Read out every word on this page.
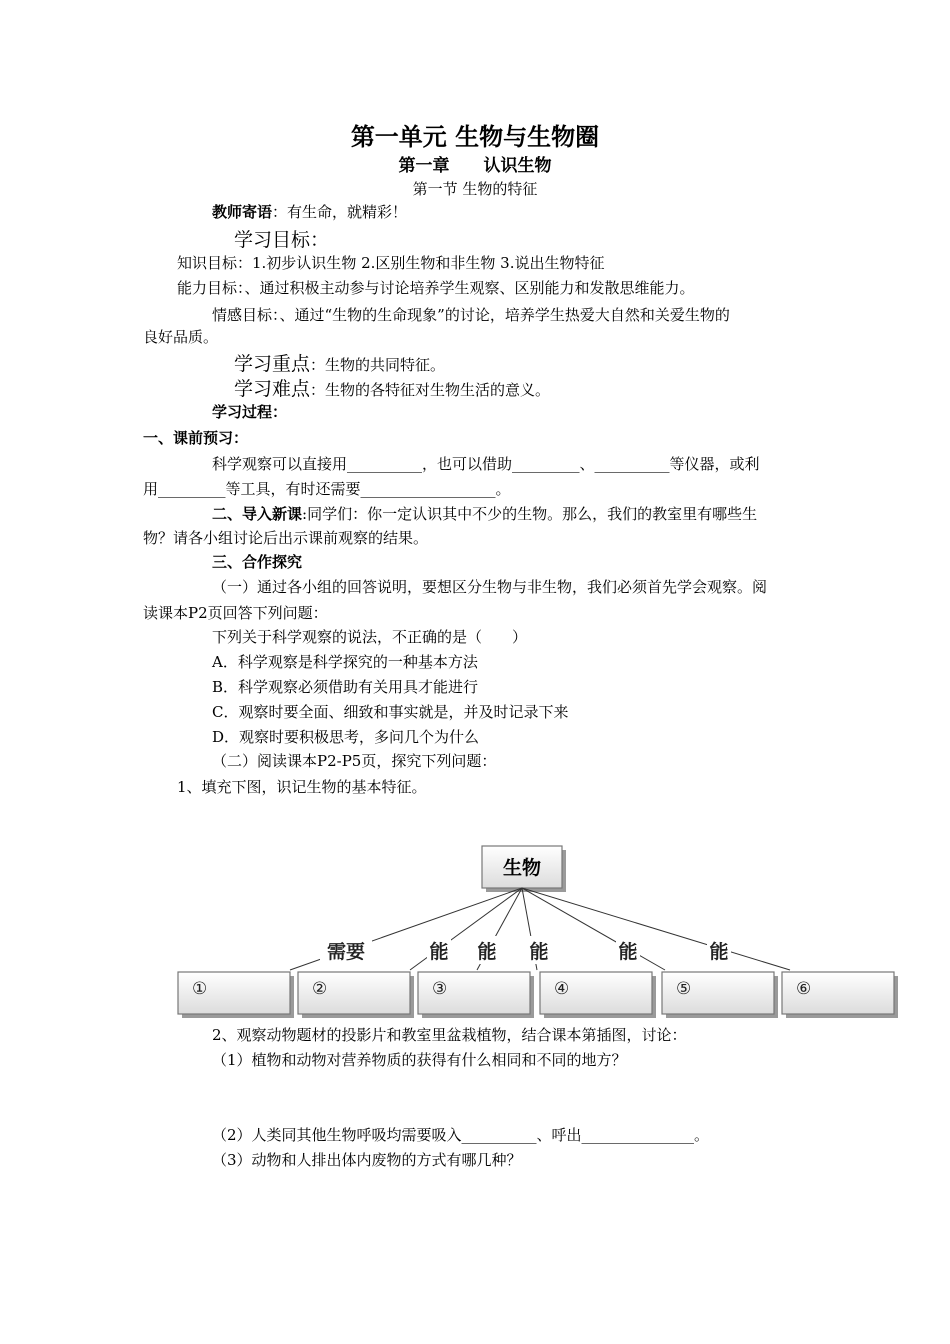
第一单元 生物与生物圈
第一章　　认识生物
第一节 生物的特征
教师寄语：有生命，就精彩！
学习目标：
知识目标：1.初步认识生物 2.区别生物和非生物 3.说出生物特征
能力目标：、通过积极主动参与讨论培养学生观察、区别能力和发散思维能力。
情感目标：、通过“生物的生命现象”的讨论，培养学生热爱大自然和关爱生物的
良好品质。
学习重点：生物的共同特征。
学习难点：生物的各特征对生物生活的意义。
学习过程：
一、课前预习：
科学观察可以直接用__________，也可以借助_________、__________等仪器，或利
用_________等工具，有时还需要__________________。
二、导入新课:同学们：你一定认识其中不少的生物。那么，我们的教室里有哪些生
物？请各小组讨论后出示课前观察的结果。
三、合作探究
（一）通过各小组的回答说明，要想区分生物与非生物，我们必须首先学会观察。阅
读课本P2页回答下列问题：
下列关于科学观察的说法，不正确的是（　　）
A．科学观察是科学探究的一种基本方法
B．科学观察必须借助有关用具才能进行
C．观察时要全面、细致和事实就是，并及时记录下来
D．观察时要积极思考，多问几个为什么
（二）阅读课本P2-P5页，探究下列问题：
1、填充下图，识记生物的基本特征。
生物
需要	能 能 能	能	能
①	②	③	④	⑤	⑥
2、观察动物题材的投影片和教室里盆栽植物，结合课本第插图，讨论：
（1）植物和动物对营养物质的获得有什么相同和不同的地方？
（2）人类同其他生物呼吸均需要吸入__________、呼出_______________。
（3）动物和人排出体内废物的方式有哪几种？
